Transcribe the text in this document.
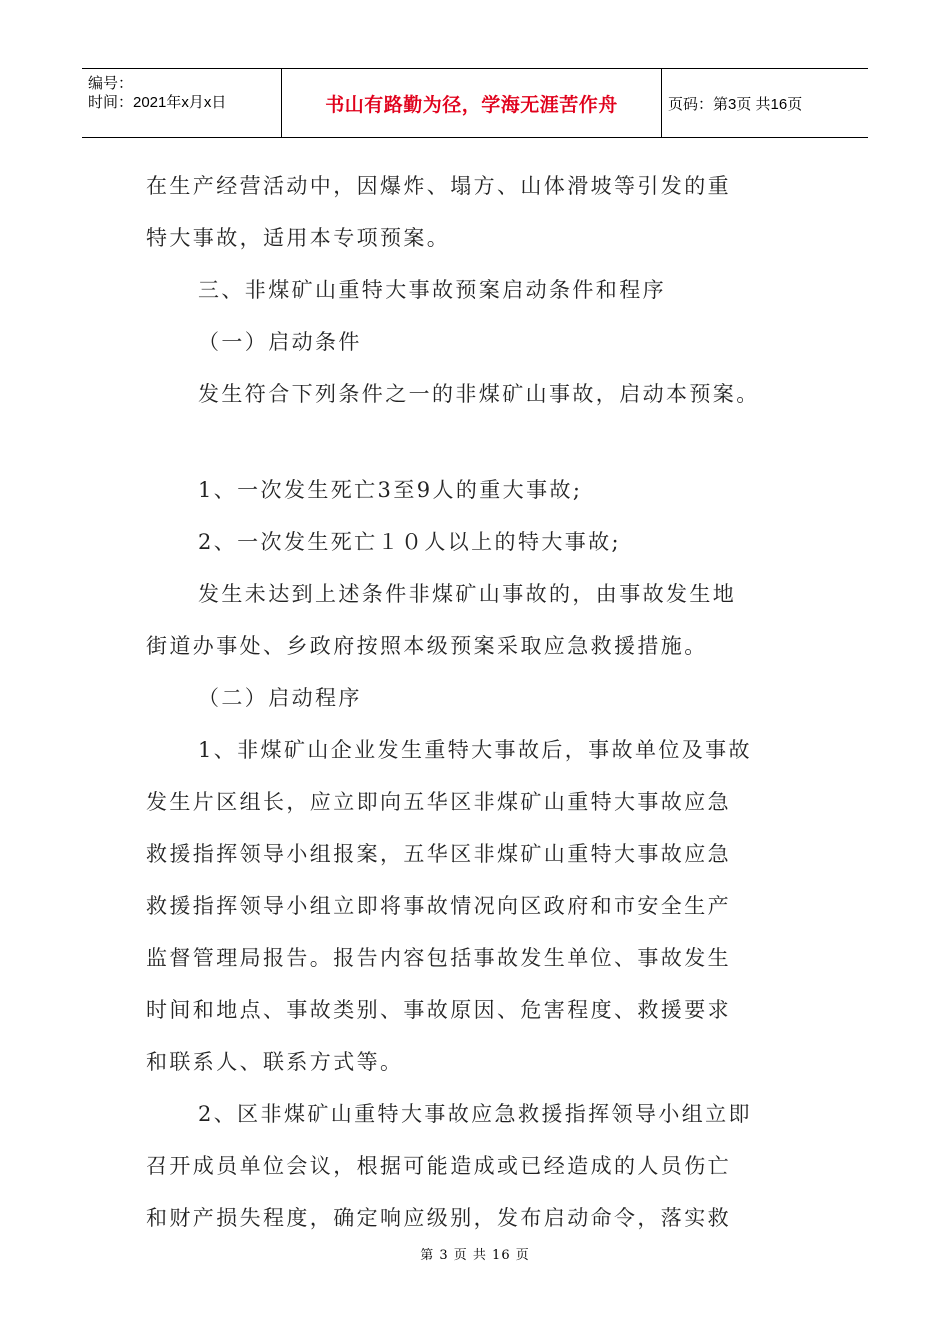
编号：
时间：2021年x月x日	书山有路勤为径，学海无涯苦作舟	页码：第3页 共16页

在生产经营活动中，因爆炸、塌方、山体滑坡等引发的重

特大事故，适用本专项预案。

三、非煤矿山重特大事故预案启动条件和程序

（一）启动条件

发生符合下列条件之一的非煤矿山事故，启动本预案。

1、一次发生死亡3至9人的重大事故;

2、一次发生死亡１０人以上的特大事故;

发生未达到上述条件非煤矿山事故的，由事故发生地

街道办事处、乡政府按照本级预案采取应急救援措施。

（二）启动程序

1、非煤矿山企业发生重特大事故后，事故单位及事故

发生片区组长，应立即向五华区非煤矿山重特大事故应急

救援指挥领导小组报案，五华区非煤矿山重特大事故应急

救援指挥领导小组立即将事故情况向区政府和市安全生产

监督管理局报告。报告内容包括事故发生单位、事故发生

时间和地点、事故类别、事故原因、危害程度、救援要求

和联系人、联系方式等。

2、区非煤矿山重特大事故应急救援指挥领导小组立即

召开成员单位会议，根据可能造成或已经造成的人员伤亡

和财产损失程度，确定响应级别，发布启动命令，落实救

第 3 页 共 16 页
